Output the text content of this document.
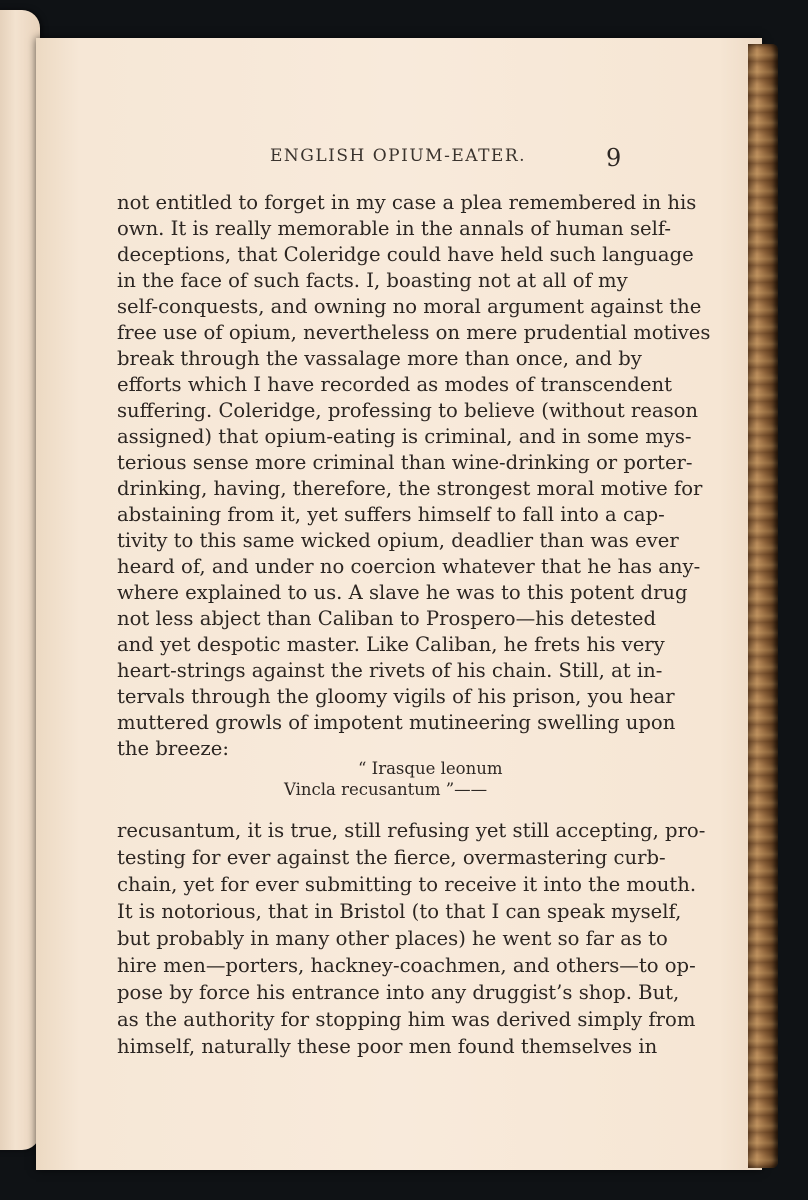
ENGLISH OPIUM-EATER.	9
not entitled to forget in my case a plea remembered in his
own. It is really memorable in the annals of human self-
deceptions, that Coleridge could have held such language
in the face of such facts. I, boasting not at all of my
self-conquests, and owning no moral argument against the
free use of opium, nevertheless on mere prudential motives
break through the vassalage more than once, and by
efforts which I have recorded as modes of transcendent
suffering. Coleridge, professing to believe (without reason
assigned) that opium-eating is criminal, and in some mys-
terious sense more criminal than wine-drinking or porter-
drinking, having, therefore, the strongest moral motive for
abstaining from it, yet suffers himself to fall into a cap-
tivity to this same wicked opium, deadlier than was ever
heard of, and under no coercion whatever that he has any-
where explained to us. A slave he was to this potent drug
not less abject than Caliban to Prospero—his detested
and yet despotic master. Like Caliban, he frets his very
heart-strings against the rivets of his chain. Still, at in-
tervals through the gloomy vigils of his prison, you hear
muttered growls of impotent mutineering swelling upon
the breeze:
“ Irasque leonum
Vincla recusantum ”——
recusantum, it is true, still refusing yet still accepting, pro-
testing for ever against the fierce, overmastering curb-
chain, yet for ever submitting to receive it into the mouth.
It is notorious, that in Bristol (to that I can speak myself,
but probably in many other places) he went so far as to
hire men—porters, hackney-coachmen, and others—to op-
pose by force his entrance into any druggist’s shop. But,
as the authority for stopping him was derived simply from
himself, naturally these poor men found themselves in
